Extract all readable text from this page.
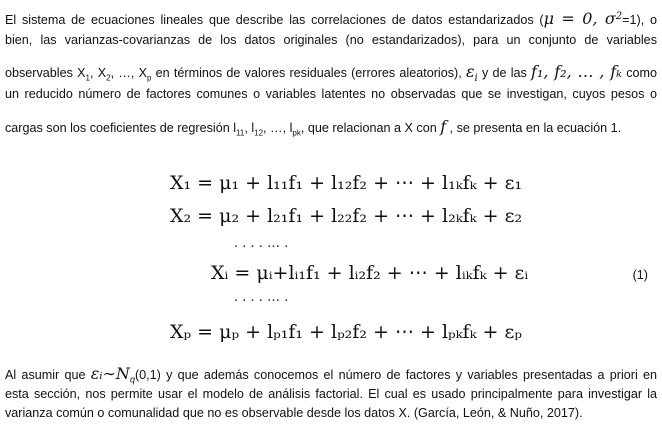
El sistema de ecuaciones lineales que describe las correlaciones de datos estandarizados (μ = 0, $\sigma^2=1$), o
bien, las varianzas-covarianzas de los datos originales (no estandarizados), para un conjunto de variables
observables $X_1$, $X_2$, …, $X_p$ en términos de valores residuales (errores aleatorios), $\varepsilon_i$ y de las f₁, f₂, … , fₖ como
un reducido número de factores comunes o variables latentes no observadas que se investigan, cuyos pesos o
cargas son los coeficientes de regresión $l_{11}$, $l_{12}$, …, $l_{pk}$, que relacionan a X con f , se presenta en la ecuación 1.
X₁ = μ₁ + l₁₁f₁ + l₁₂f₂ + ⋯ + l₁ₖfₖ + ε₁
X₂ = μ₂ + l₂₁f₁ + l₂₂f₂ + ⋯ + l₂ₖfₖ + ε₂
. . . . … .
Xᵢ = μᵢ+lᵢ₁f₁ + lᵢ₂f₂ + ⋯ + lᵢₖfₖ + εᵢ	(1)
. . . . … .
Xₚ = μₚ + lₚ₁f₁ + lₚ₂f₂ + ⋯ + lₚₖfₖ + εₚ
Al asumir que $\varepsilon ᵢ\sim N_q(0,1)$ y que además conocemos el número de factores y variables presentadas a priori en
esta sección, nos permite usar el modelo de análisis factorial. El cual es usado principalmente para investigar la
varianza común o comunalidad que no es observable desde los datos X. (García, León, & Nuño, 2017).
